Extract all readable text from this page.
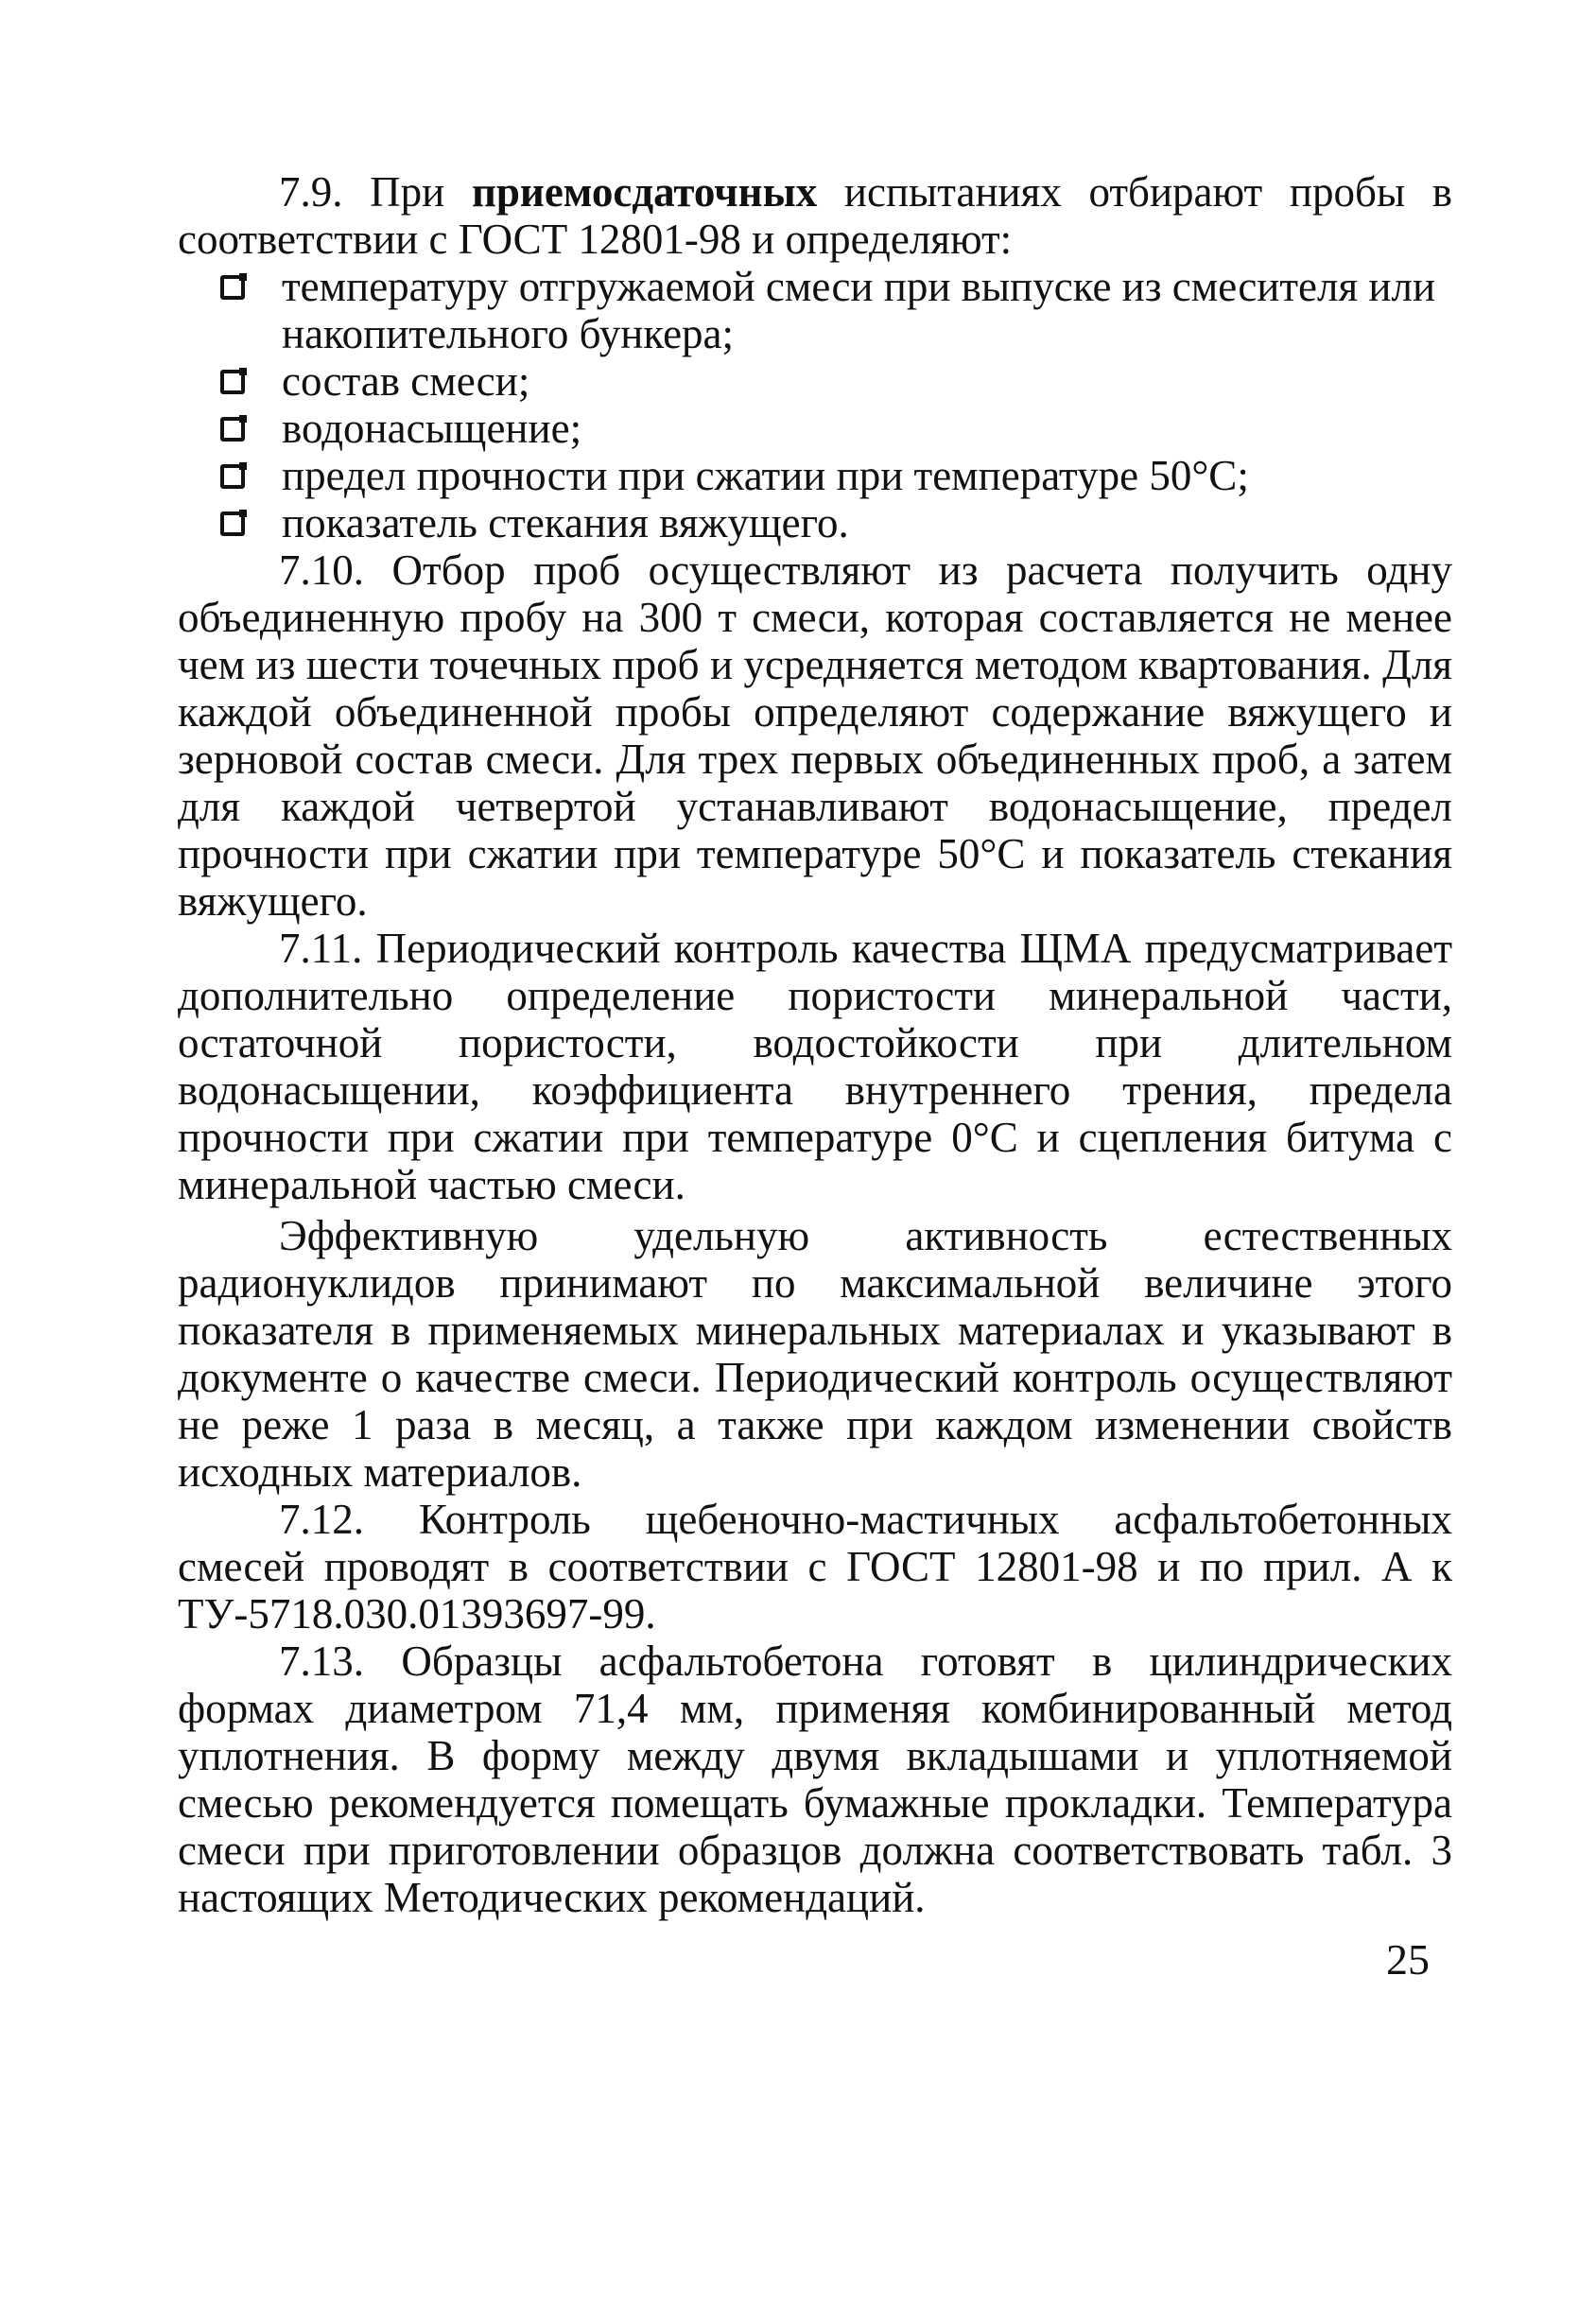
7.9. При приемосдаточных испытаниях отбирают пробы в соответствии с ГОСТ 12801-98 и определяют:

температуру отгружаемой смеси при выпуске из смесителя или накопительного бункера;
состав смеси;
водонасыщение;
предел прочности при сжатии при температуре 50°С;
показатель стекания вяжущего.

7.10. Отбор проб осуществляют из расчета получить одну объединенную пробу на 300 т смеси, которая составляется не менее чем из шести точечных проб и усредняется методом квартования. Для каждой объединенной пробы определяют содержание вяжущего и зерновой состав смеси. Для трех первых объединенных проб, а затем для каждой четвертой устанавливают водонасыщение, предел прочности при сжатии при температуре 50°С и показатель стекания вяжущего.

7.11. Периодический контроль качества ЩМА предусматривает дополнительно определение пористости минеральной части, остаточной пористости, водостойкости при длительном водонасыщении, коэффициента внутреннего трения, предела прочности при сжатии при температуре 0°С и сцепления битума с минеральной частью смеси.

Эффективную удельную активность естественных радионуклидов принимают по максимальной величине этого показателя в применяемых минеральных материалах и указывают в документе о качестве смеси. Периодический контроль осуществляют не реже 1 раза в месяц, а также при каждом изменении свойств исходных материалов.

7.12. Контроль щебеночно-мастичных асфальтобетонных смесей проводят в соответствии с ГОСТ 12801-98 и по прил. А к ТУ-5718.030.01393697-99.

7.13. Образцы асфальтобетона готовят в цилиндрических формах диаметром 71,4 мм, применяя комбинированный метод уплотнения. В форму между двумя вкладышами и уплотняемой смесью рекомендуется помещать бумажные прокладки. Температура смеси при приготовлении образцов должна соответствовать табл. 3 настоящих Методических рекомендаций.

25
